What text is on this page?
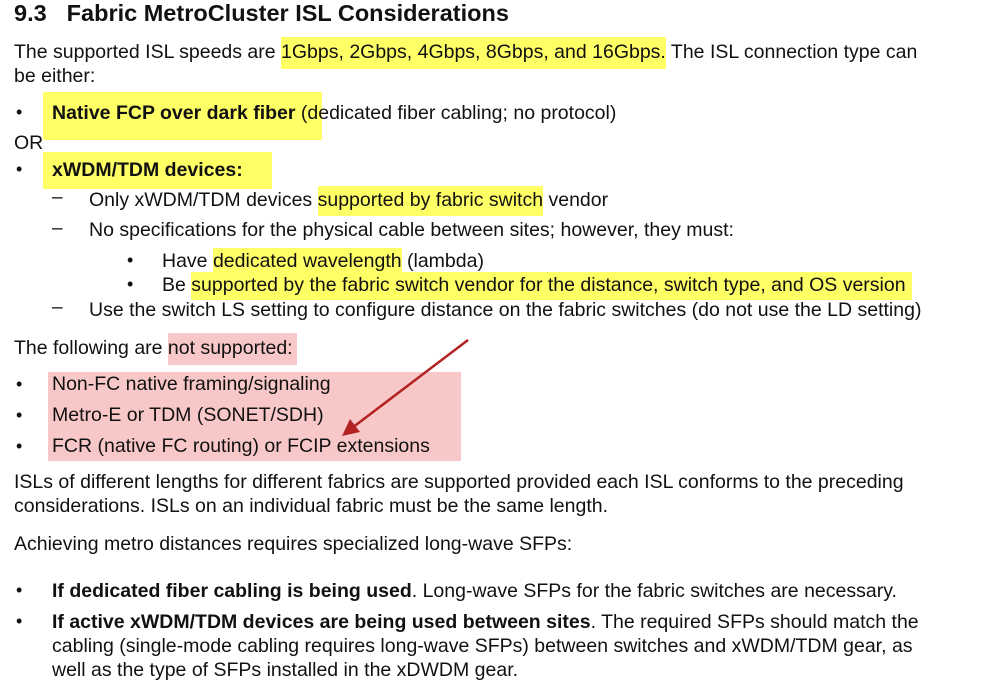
9.3 Fabric MetroCluster ISL Considerations
The supported ISL speeds are 1Gbps, 2Gbps, 4Gbps, 8Gbps, and 16Gbps. The ISL connection type can
be either:
• Native FCP over dark fiber (dedicated fiber cabling; no protocol)
OR
• xWDM/TDM devices:
– Only xWDM/TDM devices supported by fabric switch vendor
– No specifications for the physical cable between sites; however, they must:
• Have dedicated wavelength (lambda)
• Be supported by the fabric switch vendor for the distance, switch type, and OS version
– Use the switch LS setting to configure distance on the fabric switches (do not use the LD setting)
The following are not supported:
• Non-FC native framing/signaling
• Metro-E or TDM (SONET/SDH)
• FCR (native FC routing) or FCIP extensions
ISLs of different lengths for different fabrics are supported provided each ISL conforms to the preceding
considerations. ISLs on an individual fabric must be the same length.
Achieving metro distances requires specialized long-wave SFPs:
• If dedicated fiber cabling is being used. Long-wave SFPs for the fabric switches are necessary.
• If active xWDM/TDM devices are being used between sites. The required SFPs should match the
cabling (single-mode cabling requires long-wave SFPs) between switches and xWDM/TDM gear, as
well as the type of SFPs installed in the xDWDM gear.
